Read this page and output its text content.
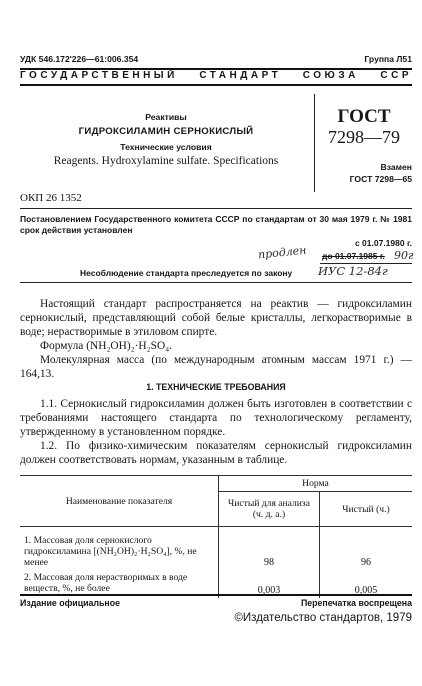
УДК 546.172'226—61:006.354	Группа Л51
ГОСУДАРСТВЕННЫЙ СТАНДАРТ СОЮЗА ССР
Реактивы
ГИДРОКСИЛАМИН СЕРНОКИСЛЫЙ
Технические условия
Reagents. Hydroxylamine sulfate. Specifications
ГОСТ
7298—79
Взамен
ГОСТ 7298—65
ОКП 26 1352
Постановлением Государственного комитета СССР по стандартам от 30 мая 1979 г. № 1981 срок действия установлен
с 01.07.1980 г.
до 01.07.1985 г.
продлен	90г
Несоблюдение стандарта преследуется по закону ИУС 12-84г

Настоящий стандарт распространяется на реактив — гидроксиламин сернокислый, представляющий собой белые кристаллы, легкорастворимые в воде; нерастворимые в этиловом спирте.

Формула (NH₂OH)₂·H₂SO₄.

Молекулярная масса (по международным атомным массам 1971 г.) — 164,13.

1. ТЕХНИЧЕСКИЕ ТРЕБОВАНИЯ

1.1. Сернокислый гидроксиламин должен быть изготовлен в соответствии с требованиями настоящего стандарта по технологическому регламенту, утвержденному в установленном порядке.

1.2. По физико-химическим показателям сернокислый гидроксиламин должен соответствовать нормам, указанным в таблице.

Наименование показателя	Норма	
	Чистый для анализа (ч. д. а.)	Чистый (ч.)
1. Массовая доля сернокислого гидроксиламина [(NH₂OH)₂·H₂SO₄], %, не менее	98	96
2. Массовая доля нерастворимых в воде веществ, %, не более	0,003	0,005
Издание официальное	Перепечатка воспрещена
©Издательство стандартов, 1979
